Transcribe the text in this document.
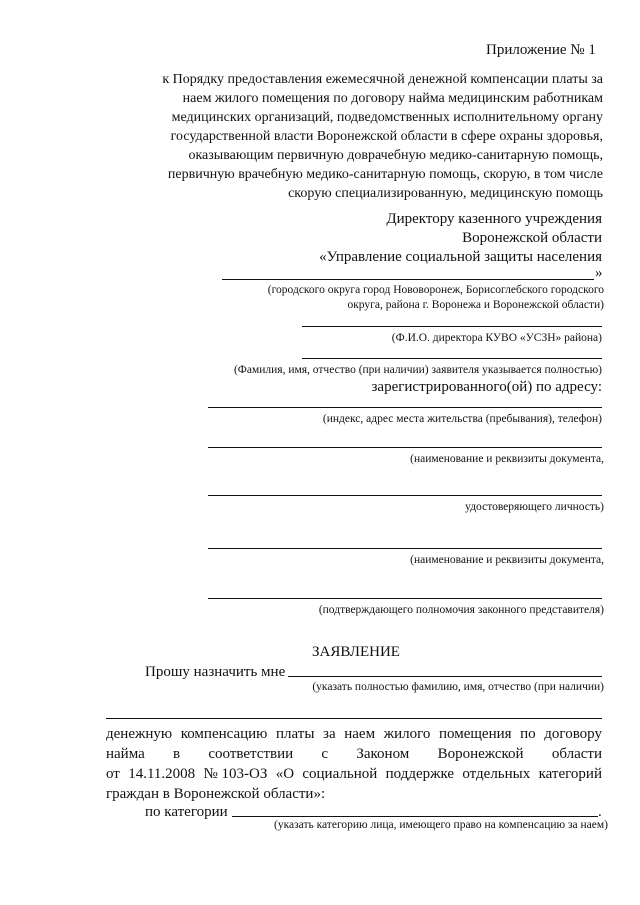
Приложение № 1
к Порядку предоставления ежемесячной денежной компенсации платы за
наем жилого помещения по договору найма медицинским работникам
медицинских организаций, подведомственных исполнительному органу
государственной власти Воронежской области в сфере охраны здоровья,
оказывающим первичную доврачебную медико-санитарную помощь,
первичную врачебную медико-санитарную помощь, скорую, в том числе
скорую специализированную, медицинскую помощь
Директору казенного учреждения
Воронежской области
«Управление социальной защиты населения
»
(городского округа город Нововоронеж, Борисоглебского городского
округа, района г. Воронежа и Воронежской области)
(Ф.И.О. директора КУВО «УСЗН» района)
(Фамилия, имя, отчество (при наличии) заявителя указывается полностью)
зарегистрированного(ой) по адресу:
(индекс, адрес места жительства (пребывания), телефон)
(наименование и реквизиты документа,
удостоверяющего личность)
(наименование и реквизиты документа,
(подтверждающего полномочия законного представителя)
ЗАЯВЛЕНИЕ
Прошу назначить мне
(указать полностью фамилию, имя, отчество (при наличии)
денежную компенсацию платы за наем жилого помещения по договору
найма в соответствии с Законом Воронежской области
от 14.11.2008 № 103-ОЗ «О социальной поддержке отдельных категорий
граждан в Воронежской области»:
по категории	.
(указать категорию лица, имеющего право на компенсацию за наем)
